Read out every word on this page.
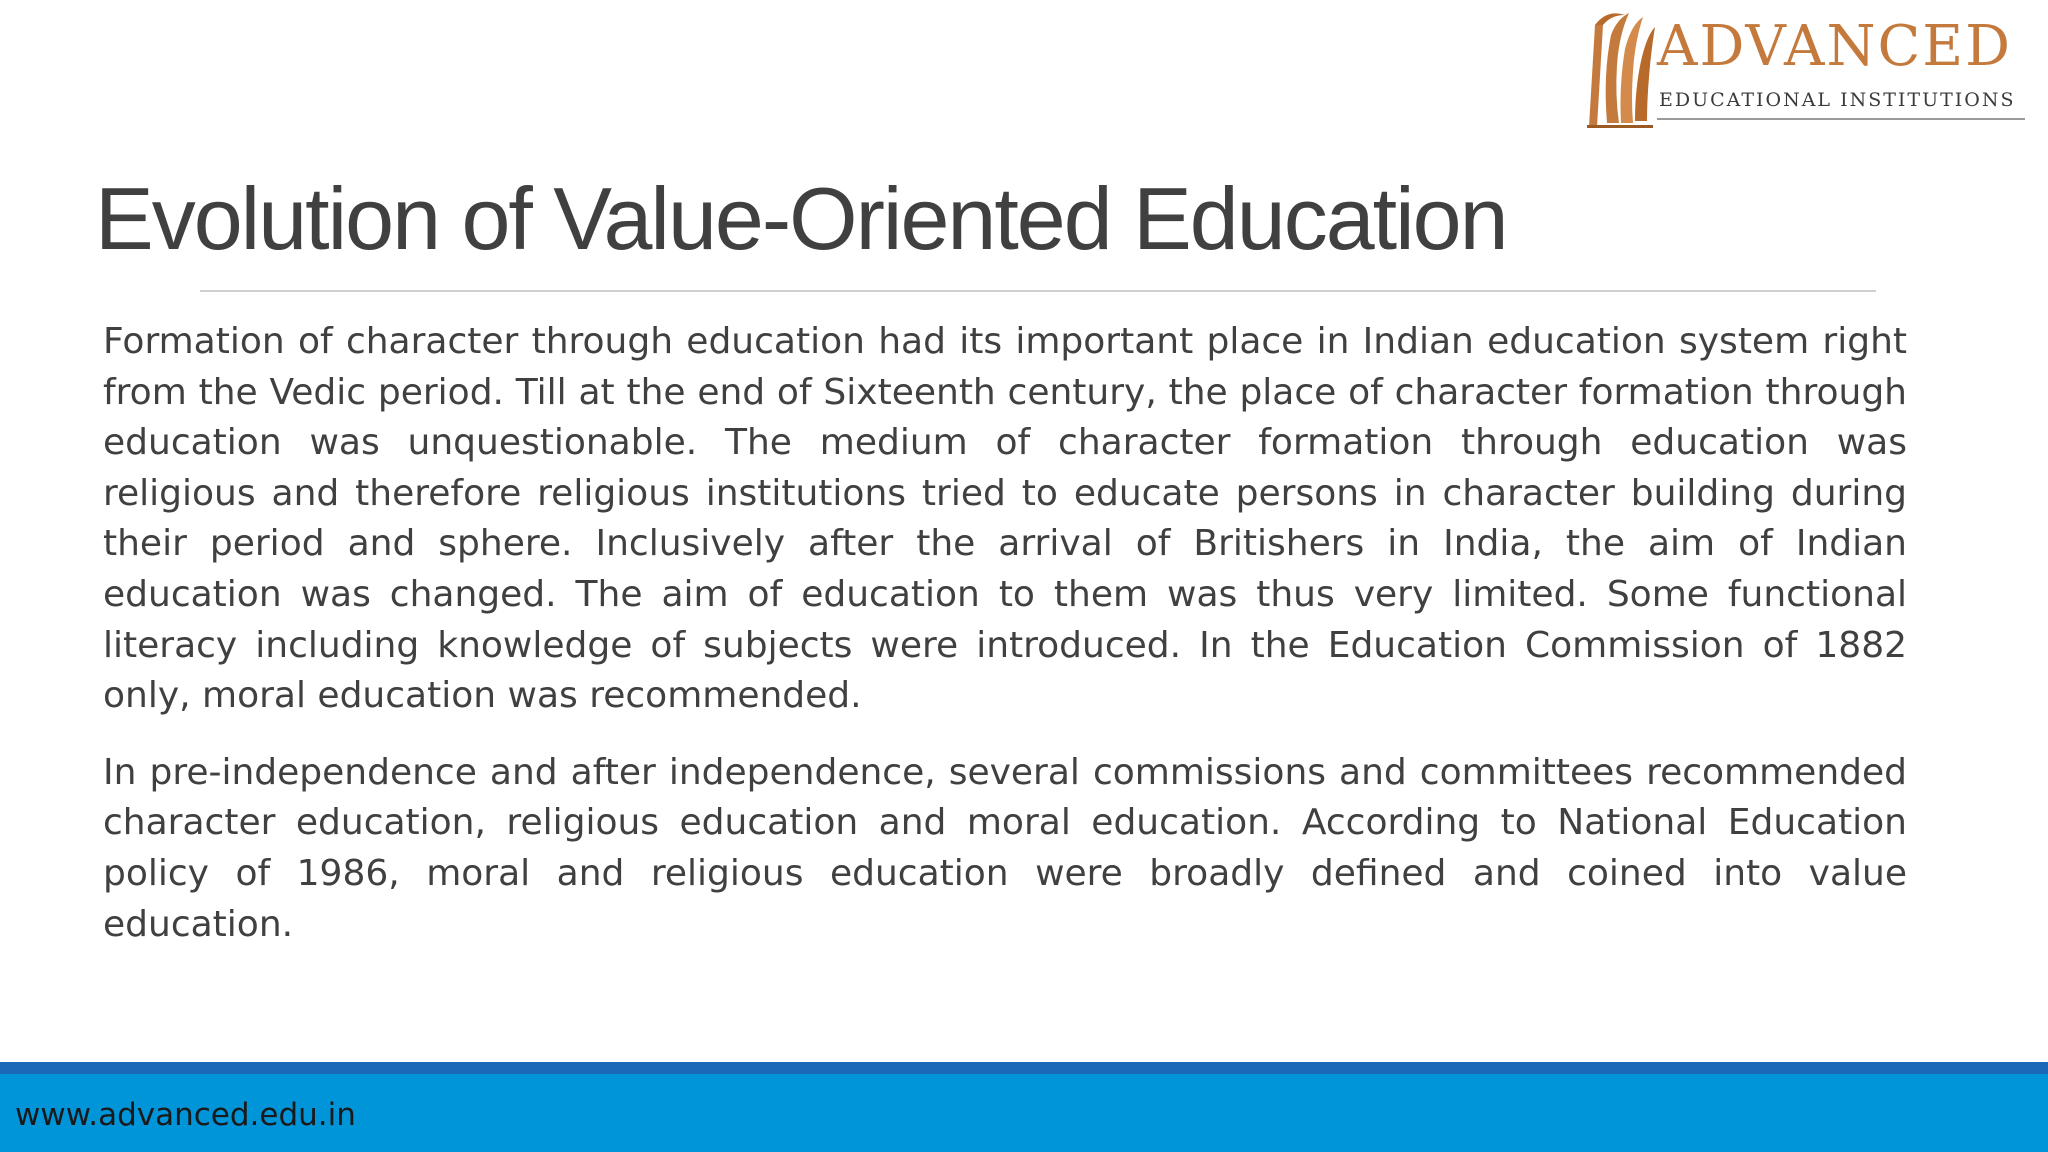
ADVANCED
EDUCATIONAL INSTITUTIONS
Evolution of Value-Oriented Education

Formation of character through education had its important place in Indian education system right from the Vedic period. Till at the end of Sixteenth century, the place of character formation through education was unquestionable. The medium of character formation through education was religious and therefore religious institutions tried to educate persons in character building during their period and sphere. Inclusively after the arrival of Britishers in India, the aim of Indian education was changed. The aim of education to them was thus very limited. Some functional literacy including knowledge of subjects were introduced. In the Education Commission of 1882 only, moral education was recommended.

In pre-independence and after independence, several commissions and committees recommended character education, religious education and moral education. According to National Education policy of 1986, moral and religious education were broadly defined and coined into value education.

www.advanced.edu.in
